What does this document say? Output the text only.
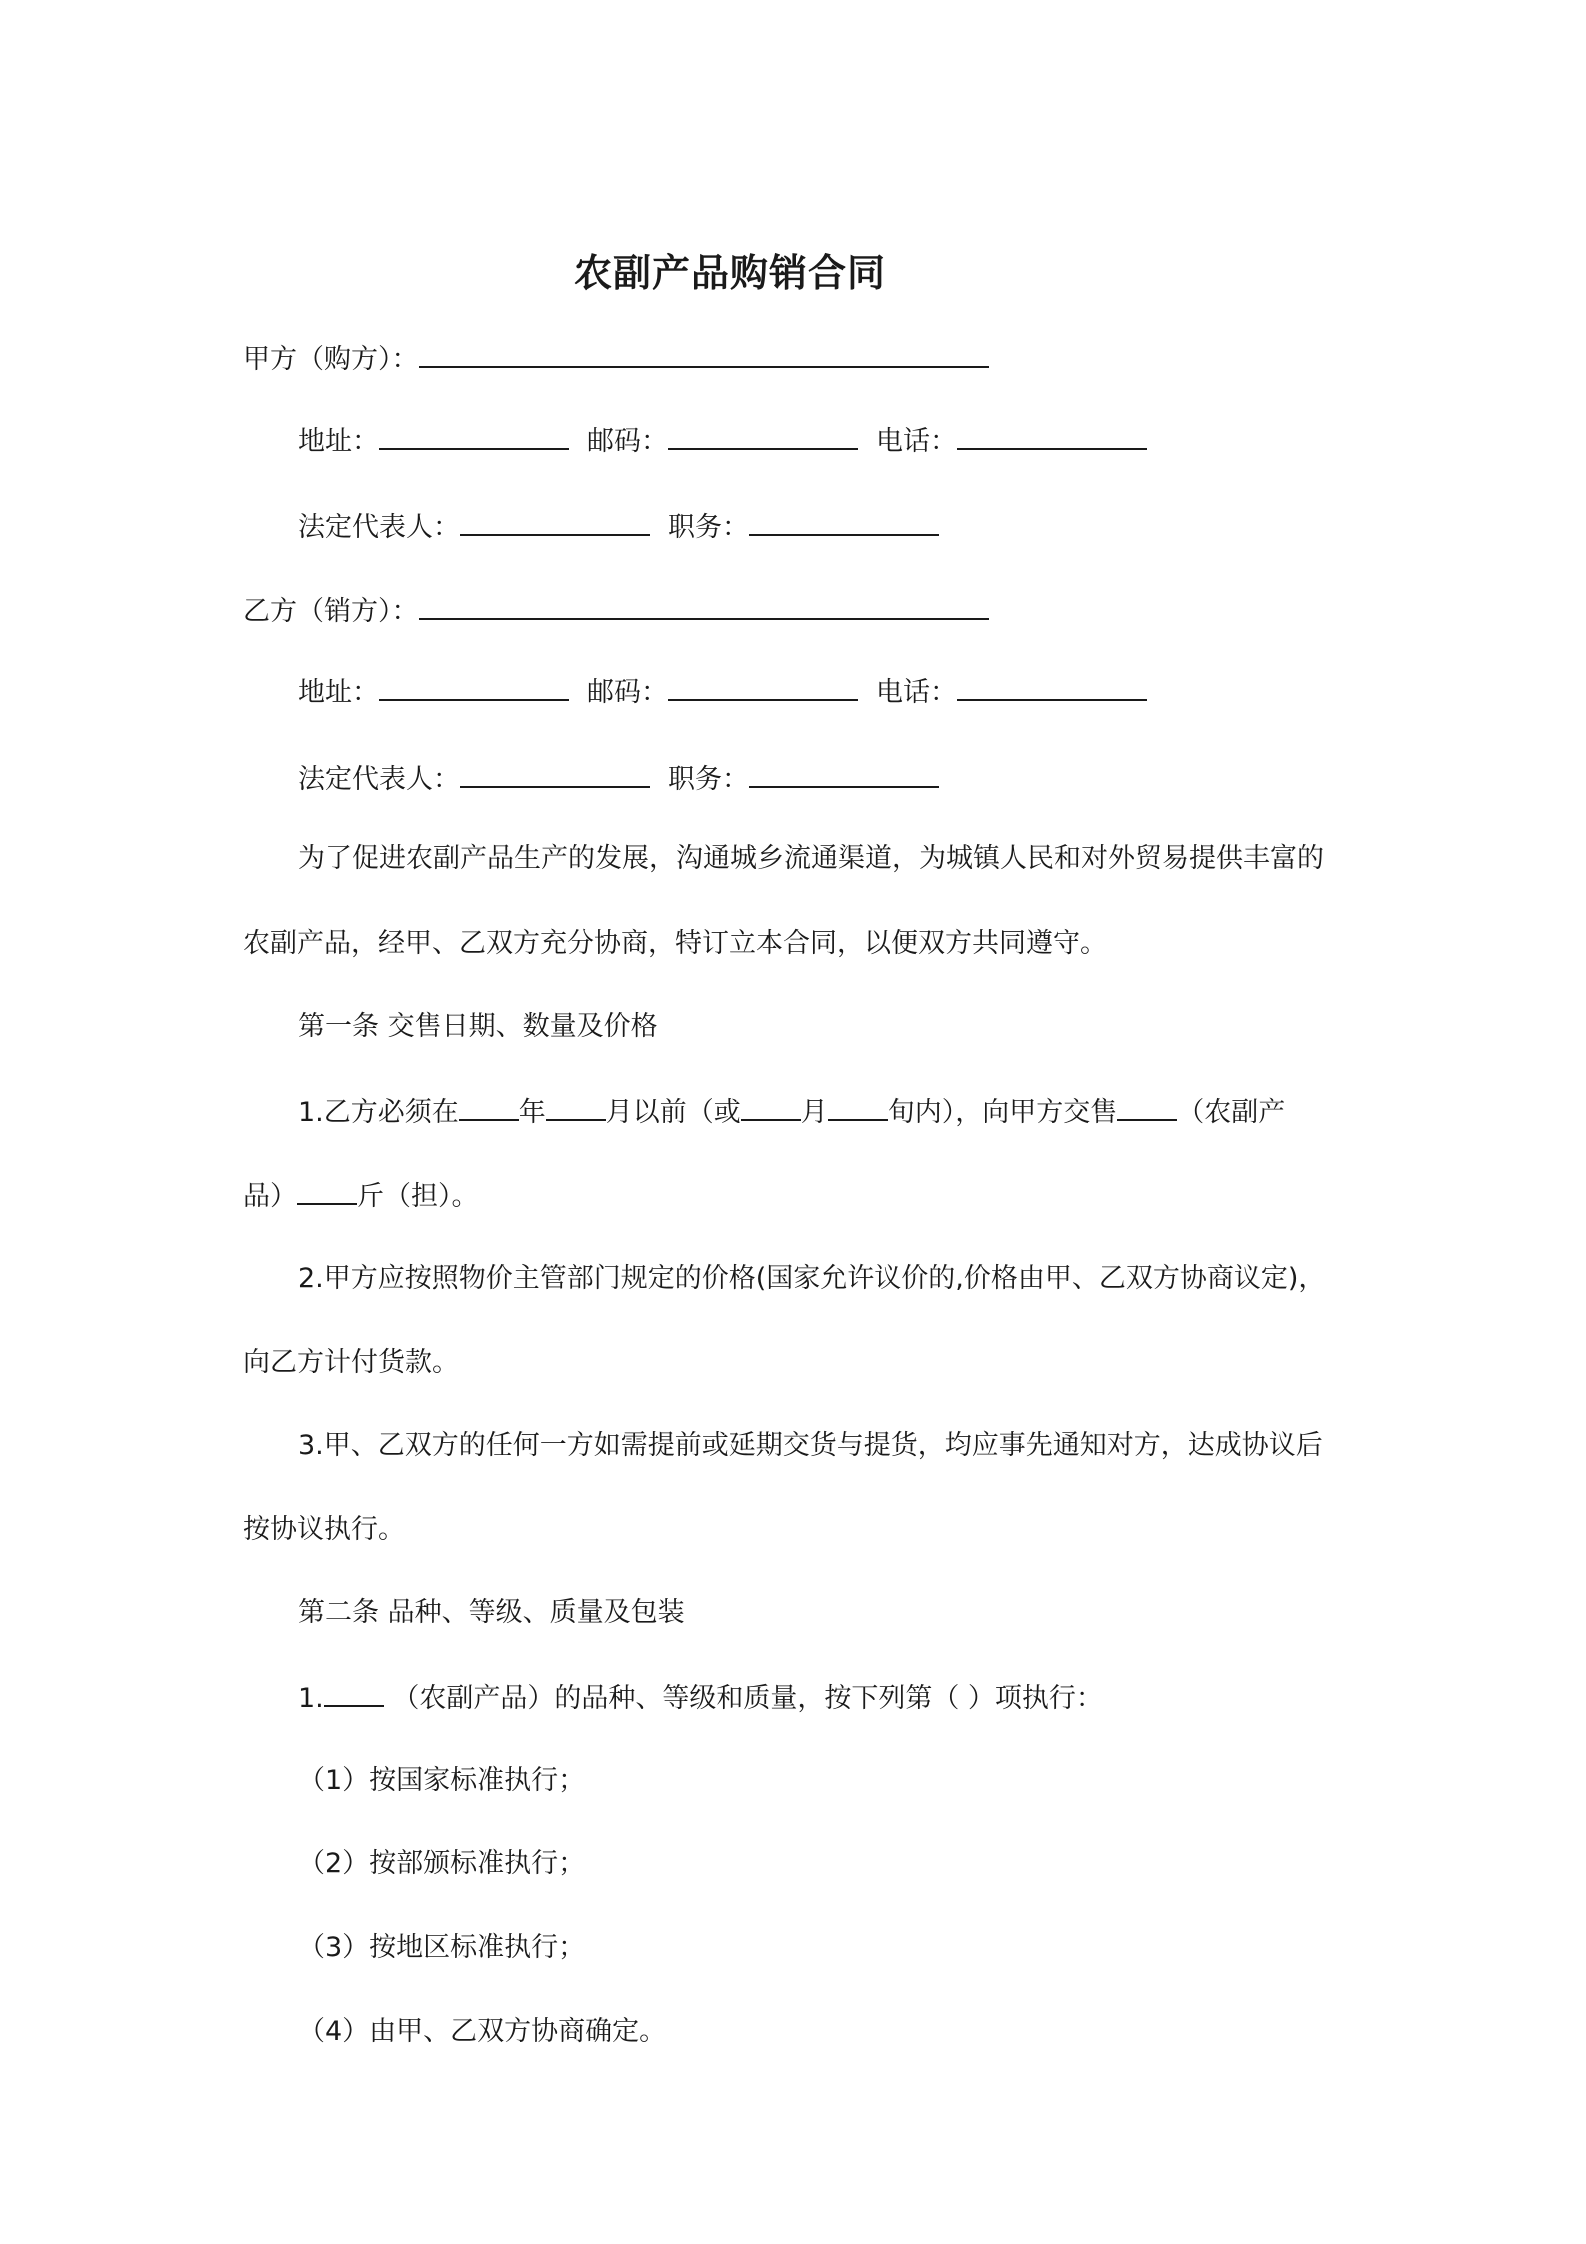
农副产品购销合同
甲方（购方）：
地址：	邮码：	电话：
法定代表人：	职务：
乙方（销方）：
地址：	邮码：	电话：
法定代表人：	职务：
为了促进农副产品生产的发展，沟通城乡流通渠道，为城镇人民和对外贸易提供丰富的
农副产品，经甲、乙双方充分协商，特订立本合同，以便双方共同遵守。
第一条 交售日期、数量及价格
1.乙方必须在 年 月以前（或 月 旬内），向甲方交售 （农副产
品） 斤（担）。
2.甲方应按照物价主管部门规定的价格(国家允许议价的,价格由甲、乙双方协商议定)，
向乙方计付货款。
3.甲、乙双方的任何一方如需提前或延期交货与提货，均应事先通知对方，达成协议后
按协议执行。
第二条 品种、等级、质量及包装
1. （农副产品）的品种、等级和质量，按下列第（ ）项执行：
（1）按国家标准执行；
（2）按部颁标准执行；
（3）按地区标准执行；
（4）由甲、乙双方协商确定。
